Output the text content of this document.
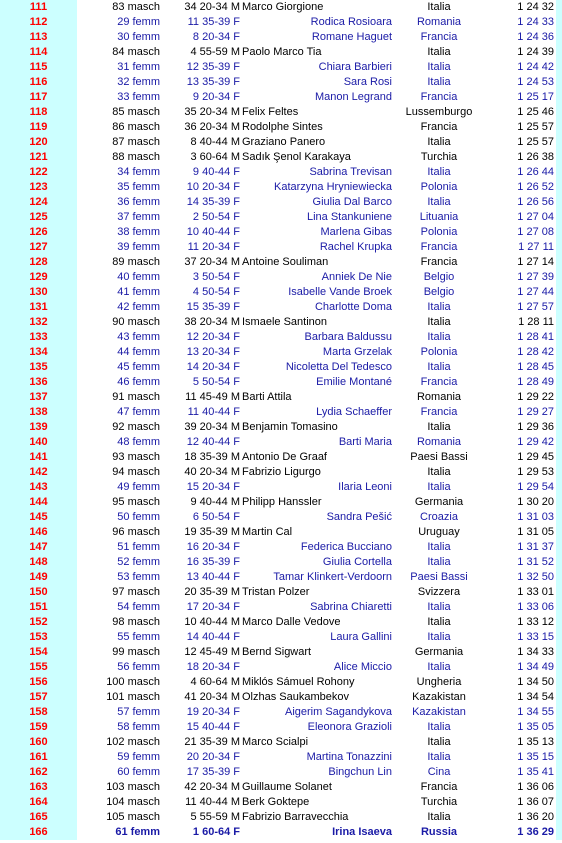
111	83 masch	34 20-34 M Marco Giorgione	Italia	1 24 32
112	29 femm	11 35-39 F	Rodica Rosioara	Romania	1 24 33
113	30 femm	8 20-34 F	Romane Haguet	Francia	1 24 36
114	84 masch	4 55-59 M Paolo Marco Tia	Italia	1 24 39
115	31 femm	12 35-39 F	Chiara Barbieri	Italia	1 24 42
116	32 femm	13 35-39 F	Sara Rosi	Italia	1 24 53
117	33 femm	9 20-34 F	Manon Legrand	Francia	1 25 17
118	85 masch	35 20-34 M Felix Feltes	Lussemburgo	1 25 46
119	86 masch	36 20-34 M Rodolphe Sintes	Francia	1 25 57
120	87 masch	8 40-44 M Graziano Panero	Italia	1 25 57
121	88 masch	3 60-64 M Sadık Şenol Karakaya	Turchia	1 26 38
122	34 femm	9 40-44 F	Sabrina Trevisan	Italia	1 26 44
123	35 femm	10 20-34 F	Katarzyna Hryniewiecka	Polonia	1 26 52
124	36 femm	14 35-39 F	Giulia Dal Barco	Italia	1 26 56
125	37 femm	2 50-54 F	Lina Stankuniene	Lituania	1 27 04
126	38 femm	10 40-44 F	Marlena Gibas	Polonia	1 27 08
127	39 femm	11 20-34 F	Rachel Krupka	Francia	1 27 11
128	89 masch	37 20-34 M Antoine Souliman	Francia	1 27 14
129	40 femm	3 50-54 F	Anniek De Nie	Belgio	1 27 39
130	41 femm	4 50-54 F	Isabelle Vande Broek	Belgio	1 27 44
131	42 femm	15 35-39 F	Charlotte Doma	Italia	1 27 57
132	90 masch	38 20-34 M Ismaele Santinon	Italia	1 28 11
133	43 femm	12 20-34 F	Barbara Baldussu	Italia	1 28 41
134	44 femm	13 20-34 F	Marta Grzelak	Polonia	1 28 42
135	45 femm	14 20-34 F	Nicoletta Del Tedesco	Italia	1 28 45
136	46 femm	5 50-54 F	Emilie Montané	Francia	1 28 49
137	91 masch	11 45-49 M Barti Attila	Romania	1 29 22
138	47 femm	11 40-44 F	Lydia Schaeffer	Francia	1 29 27
139	92 masch	39 20-34 M Benjamin Tomasino	Italia	1 29 36
140	48 femm	12 40-44 F	Barti Maria	Romania	1 29 42
141	93 masch	18 35-39 M Antonio De Graaf	Paesi Bassi	1 29 45
142	94 masch	40 20-34 M Fabrizio Ligurgo	Italia	1 29 53
143	49 femm	15 20-34 F	Ilaria Leoni	Italia	1 29 54
144	95 masch	9 40-44 M Philipp Hanssler	Germania	1 30 20
145	50 femm	6 50-54 F	Sandra Pešić	Croazia	1 31 03
146	96 masch	19 35-39 M Martin Cal	Uruguay	1 31 05
147	51 femm	16 20-34 F	Federica Bucciano	Italia	1 31 37
148	52 femm	16 35-39 F	Giulia Cortella	Italia	1 31 52
149	53 femm	13 40-44 F	Tamar Klinkert-Verdoorn	Paesi Bassi	1 32 50
150	97 masch	20 35-39 M Tristan Polzer	Svizzera	1 33 01
151	54 femm	17 20-34 F	Sabrina Chiaretti	Italia	1 33 06
152	98 masch	10 40-44 M Marco Dalle Vedove	Italia	1 33 12
153	55 femm	14 40-44 F	Laura Gallini	Italia	1 33 15
154	99 masch	12 45-49 M Bernd Sigwart	Germania	1 34 33
155	56 femm	18 20-34 F	Alice Miccio	Italia	1 34 49
156	100 masch	4 60-64 M Miklós Sámuel Rohony	Ungheria	1 34 50
157	101 masch	41 20-34 M Olzhas Saukambekov	Kazakistan	1 34 54
158	57 femm	19 20-34 F	Aigerim Sagandykova	Kazakistan	1 34 55
159	58 femm	15 40-44 F	Eleonora Grazioli	Italia	1 35 05
160	102 masch	21 35-39 M Marco Scialpi	Italia	1 35 13
161	59 femm	20 20-34 F	Martina Tonazzini	Italia	1 35 15
162	60 femm	17 35-39 F	Bingchun Lin	Cina	1 35 41
163	103 masch	42 20-34 M Guillaume Solanet	Francia	1 36 06
164	104 masch	11 40-44 M Berk Goktepe	Turchia	1 36 07
165	105 masch	5 55-59 M Fabrizio Barravecchia	Italia	1 36 20
166	61 femm	1 60-64 F	Irina Isaeva	Russia	1 36 29
